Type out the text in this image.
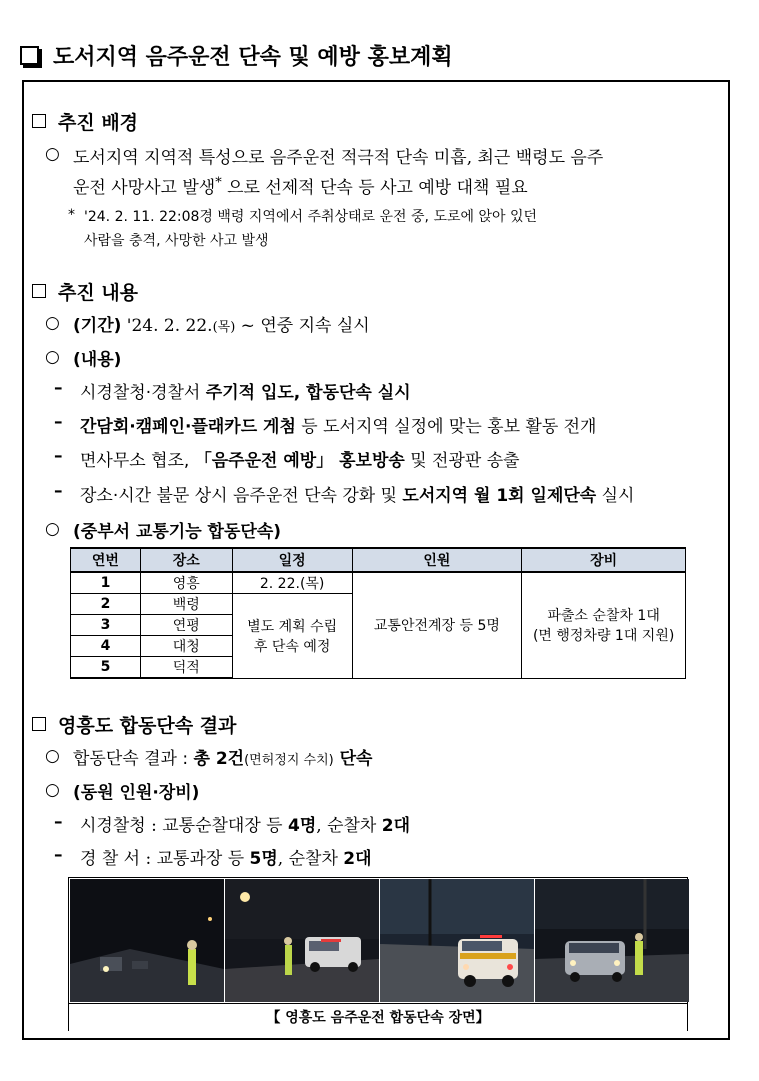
도서지역 음주운전 단속 및 예방 홍보계획
추진 배경
○ 도서지역 지역적 특성으로 음주운전 적극적 단속 미흡, 최근 백령도 음주
운전 사망사고 발생* 으로 선제적 단속 등 사고 예방 대책 필요
* '24. 2. 11. 22:08경 백령 지역에서 주취상태로 운전 중, 도로에 앉아 있던
사람을 충격, 사망한 사고 발생
추진 내용
○ (기간) '24. 2. 22.(목) ~ 연중 지속 실시
○ (내용)
– 시경찰청·경찰서 주기적 입도, 합동단속 실시
– 간담회·캠페인·플래카드 게첨 등 도서지역 실정에 맞는 홍보 활동 전개
– 면사무소 협조, 「음주운전 예방」 홍보방송 및 전광판 송출
– 장소·시간 불문 상시 음주운전 단속 강화 및 도서지역 월 1회 일제단속 실시
○ (중부서 교통기능 합동단속)
연번	장소	일정	인원	장비
1	영흥	2. 22.(목)	교통안전계장 등 5명	파출소 순찰차 1대
(면 행정차량 1대 지원)

2	백령	별도 계획 수립
후 단속 예정		

3	연평			
4	대청			
5	덕적			
영흥도 합동단속 결과
○ 합동단속 결과 : 총 2건(면허정지 수치) 단속
○ (동원 인원·장비)
– 시경찰청 : 교통순찰대장 등 4명, 순찰차 2대
– 경 찰 서 : 교통과장 등 5명, 순찰차 2대
【 영흥도 음주운전 합동단속 장면】
